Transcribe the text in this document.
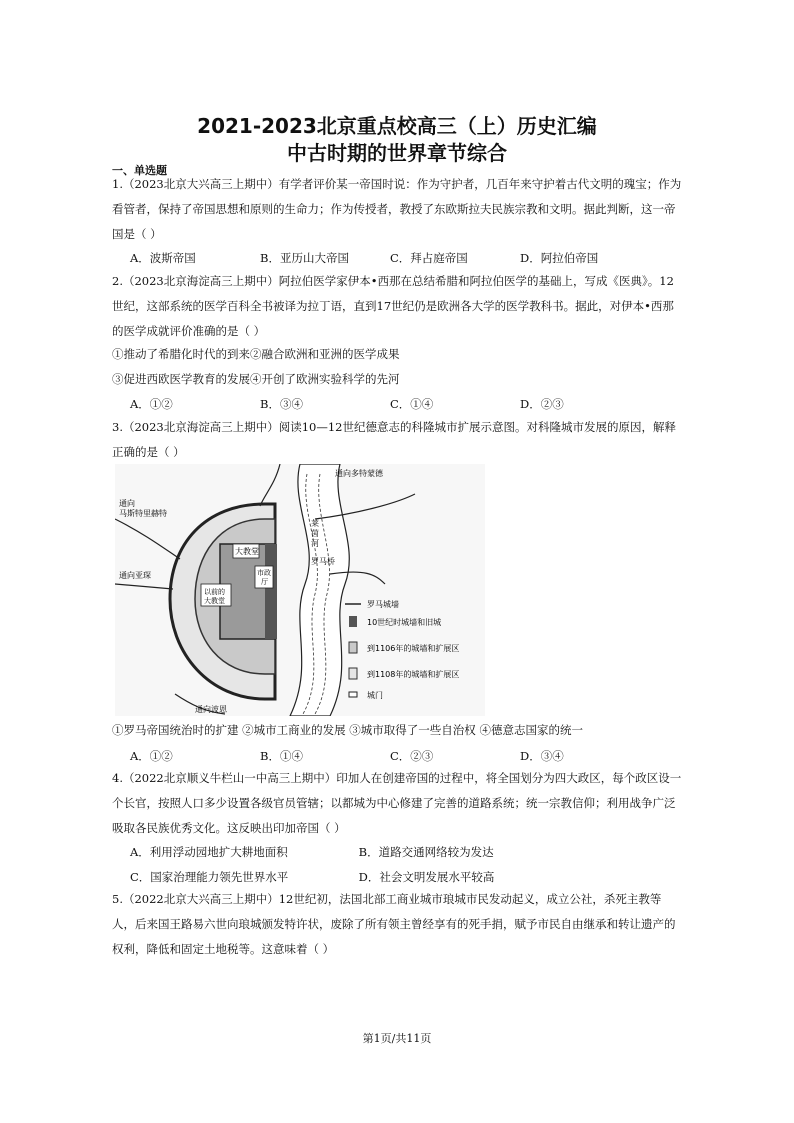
2021-2023北京重点校高三（上）历史汇编
中古时期的世界章节综合
一、单选题

1.（2023北京大兴高三上期中）有学者评价某一帝国时说：作为守护者，几百年来守护着古代文明的瑰宝；作为看管者，保持了帝国思想和原则的生命力；作为传授者，教授了东欧斯拉夫民族宗教和文明。据此判断，这一帝国是（ ）

A．波斯帝国	B．亚历山大帝国	C．拜占庭帝国	D．阿拉伯帝国

2.（2023北京海淀高三上期中）阿拉伯医学家伊本•西那在总结希腊和阿拉伯医学的基础上，写成《医典》。12世纪，这部系统的医学百科全书被译为拉丁语，直到17世纪仍是欧洲各大学的医学教科书。据此，对伊本•西那的医学成就评价准确的是（ ）

①推动了希腊化时代的到来②融合欧洲和亚洲的医学成果
③促进西欧医学教育的发展④开创了欧洲实验科学的先河
A．①②	B．③④	C．①④	D．②③

3.（2023北京海淀高三上期中）阅读10—12世纪德意志的科隆城市扩展示意图。对科隆城市发展的原因，解释正确的是（ ）

通向多特蒙德
通向
马斯特里赫特
通向亚琛
大教堂
市政
厅
以前的
大教堂
莱
茵
河
罗马桥
通向波恩
罗马城墙
10世纪时城墙和旧城
到1106年的城墙和扩展区
到1108年的城墙和扩展区
城门
①罗马帝国统治时的扩建 ②城市工商业的发展 ③城市取得了一些自治权 ④德意志国家的统一
A．①②	B．①④	C．②③	D．③④

4.（2022北京顺义牛栏山一中高三上期中）印加人在创建帝国的过程中，将全国划分为四大政区，每个政区设一个长官，按照人口多少设置各级官员管辖；以都城为中心修建了完善的道路系统；统一宗教信仰；利用战争广泛吸取各民族优秀文化。这反映出印加帝国（ ）

A．利用浮动园地扩大耕地面积	B．道路交通网络较为发达
C．国家治理能力领先世界水平	D．社会文明发展水平较高

5.（2022北京大兴高三上期中）12世纪初，法国北部工商业城市琅城市民发动起义，成立公社，杀死主教等人，后来国王路易六世向琅城颁发特许状，废除了所有领主曾经享有的死手捐，赋予市民自由继承和转让遗产的权利，降低和固定土地税等。这意味着（ ）

第1页/共11页
